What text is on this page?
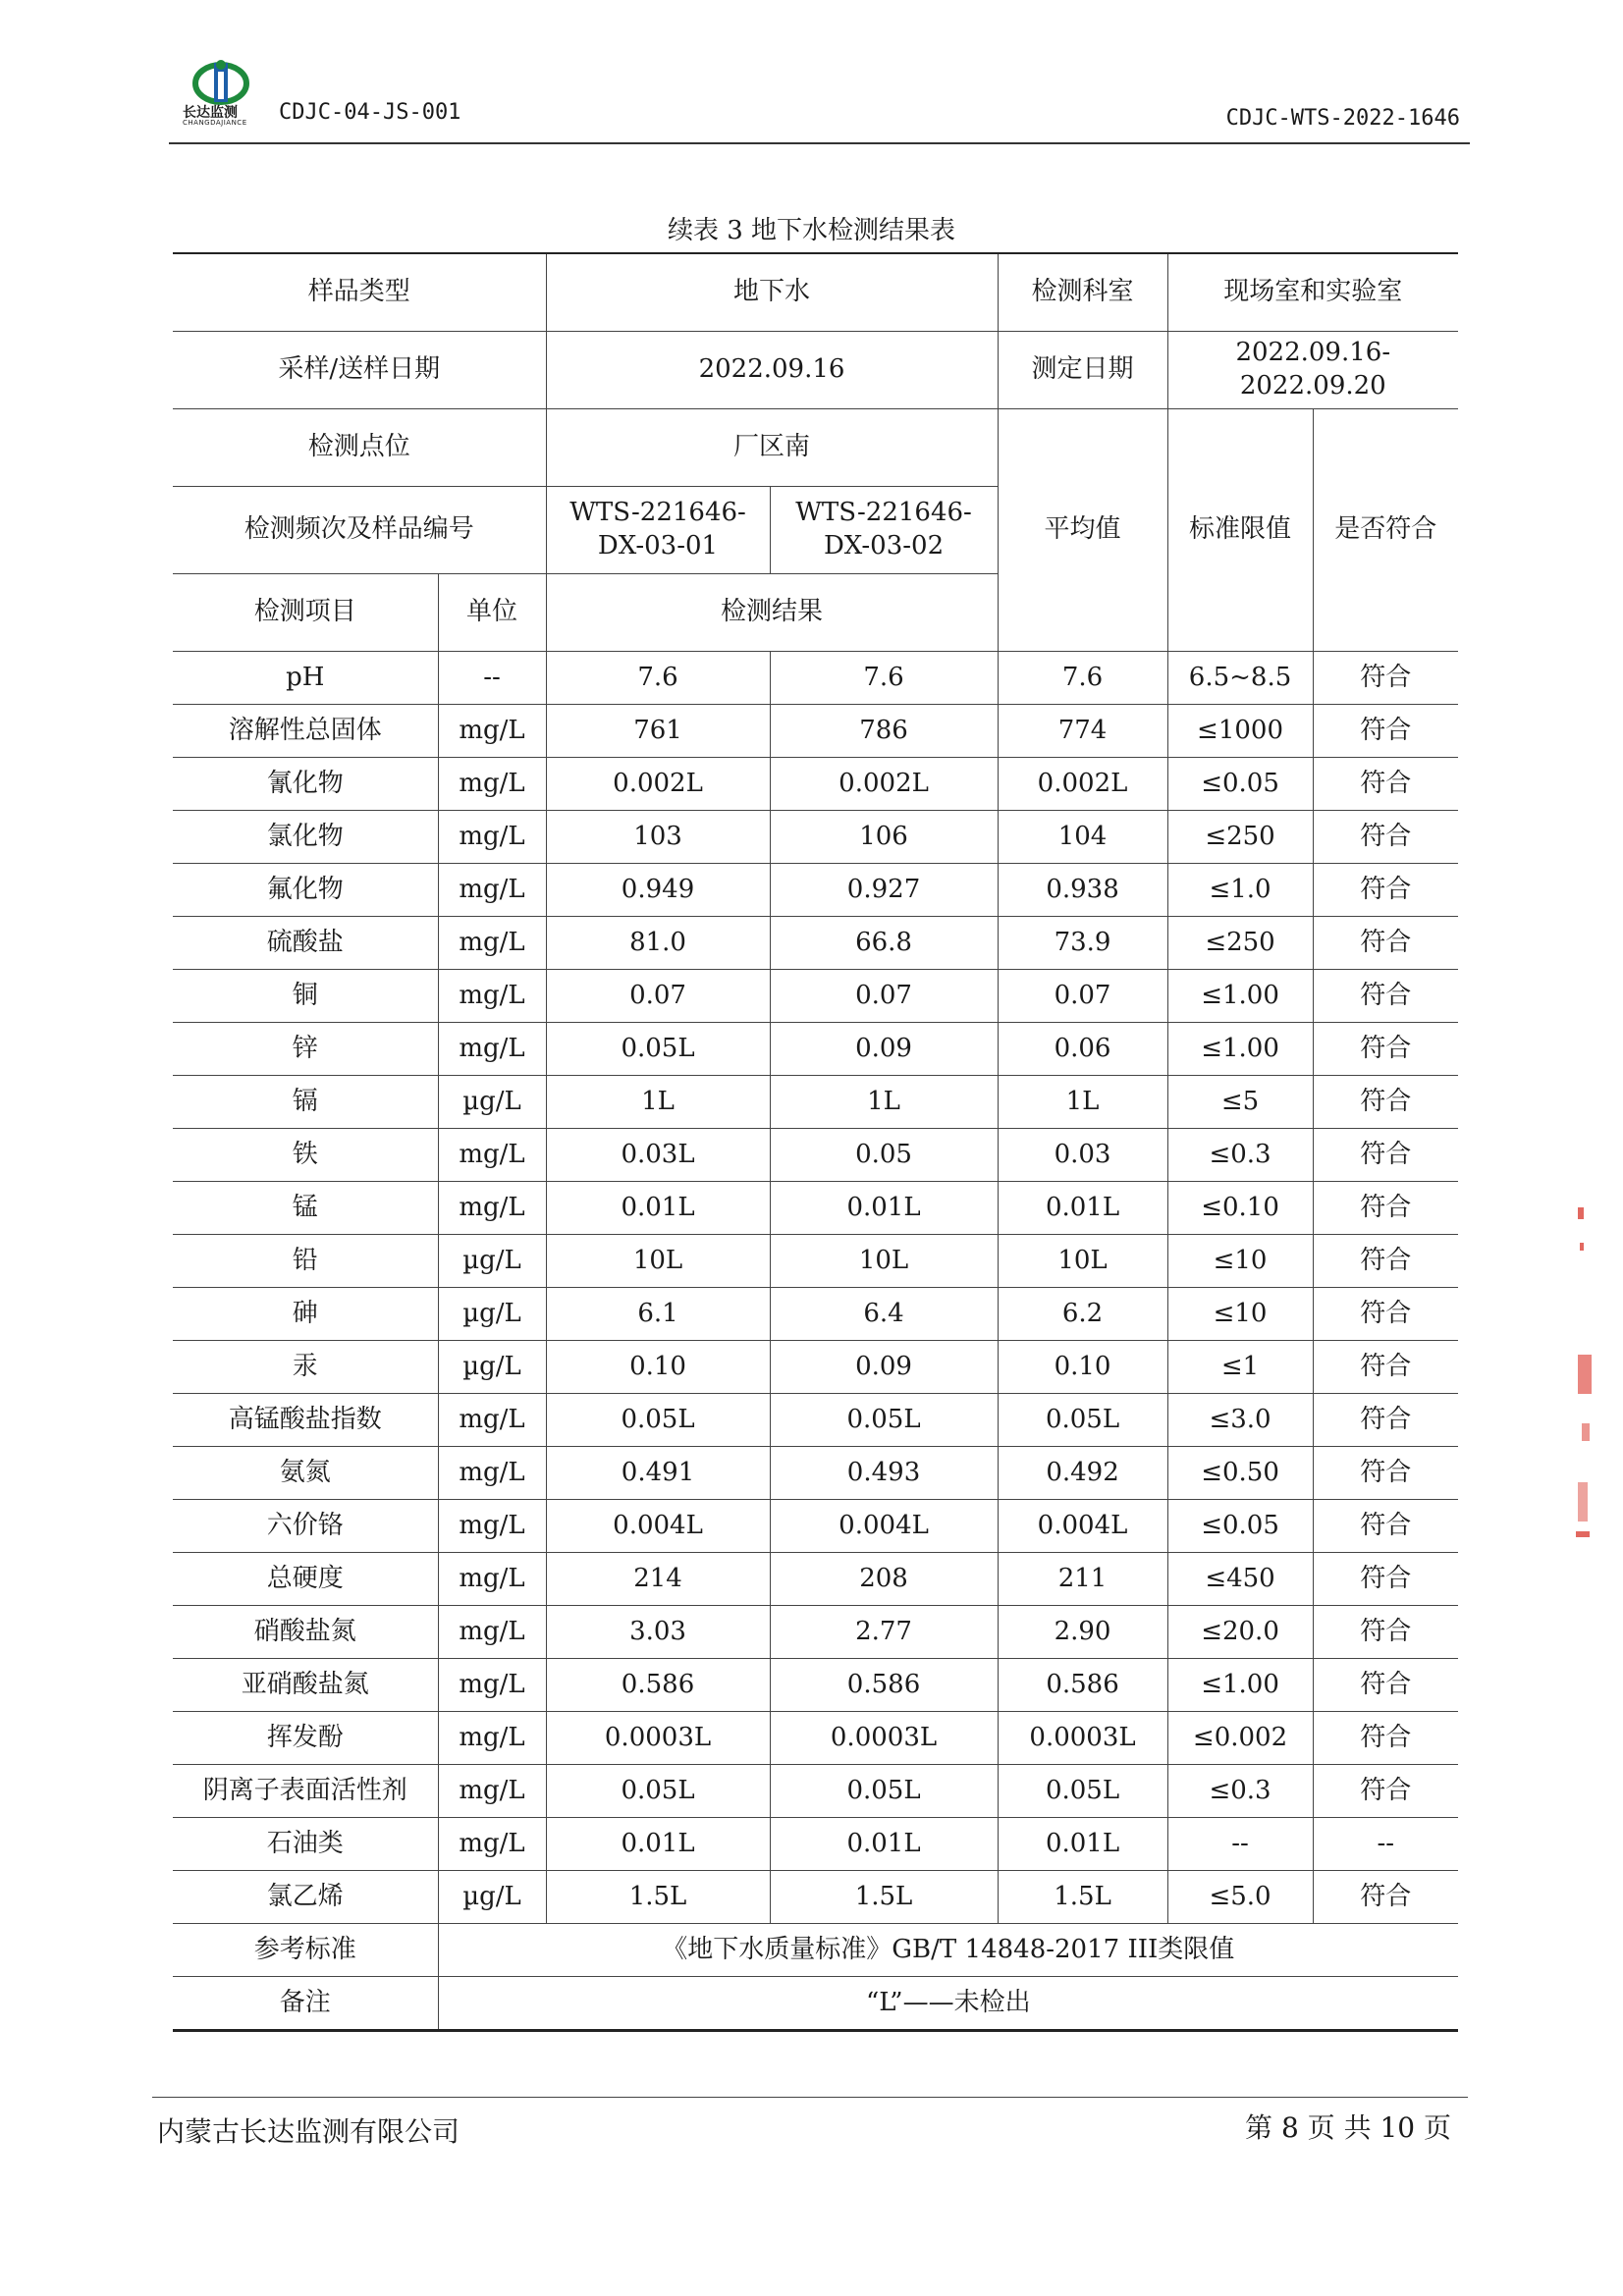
长达监测
CHANGDAJIANCE CDJC-04-JS-001	CDJC-WTS-2022-1646
续表 3 地下水检测结果表
样品类型		地下水		检测科室	现场室和实验室	
采样/送样日期		2022.09.16		测定日期	2022.09.16-2022.09.20	
检测点位		厂区南		平均值	标准限值	是否符合
检测频次及样品编号		WTS-221646-DX-03-01	WTS-221646-DX-03-02			
检测项目	单位	检测结果				
pH	--	7.6	7.6	7.6	6.5~8.5	符合
溶解性总固体	mg/L	761	786	774	≤1000	符合
氰化物	mg/L	0.002L	0.002L	0.002L	≤0.05	符合
氯化物	mg/L	103	106	104	≤250	符合
氟化物	mg/L	0.949	0.927	0.938	≤1.0	符合
硫酸盐	mg/L	81.0	66.8	73.9	≤250	符合
铜	mg/L	0.07	0.07	0.07	≤1.00	符合
锌	mg/L	0.05L	0.09	0.06	≤1.00	符合
镉	µg/L	1L	1L	1L	≤5	符合
铁	mg/L	0.03L	0.05	0.03	≤0.3	符合
锰	mg/L	0.01L	0.01L	0.01L	≤0.10	符合
铅	µg/L	10L	10L	10L	≤10	符合
砷	µg/L	6.1	6.4	6.2	≤10	符合
汞	µg/L	0.10	0.09	0.10	≤1	符合
高锰酸盐指数	mg/L	0.05L	0.05L	0.05L	≤3.0	符合
氨氮	mg/L	0.491	0.493	0.492	≤0.50	符合
六价铬	mg/L	0.004L	0.004L	0.004L	≤0.05	符合
总硬度	mg/L	214	208	211	≤450	符合
硝酸盐氮	mg/L	3.03	2.77	2.90	≤20.0	符合
亚硝酸盐氮	mg/L	0.586	0.586	0.586	≤1.00	符合
挥发酚	mg/L	0.0003L	0.0003L	0.0003L	≤0.002	符合
阴离子表面活性剂	mg/L	0.05L	0.05L	0.05L	≤0.3	符合
石油类	mg/L	0.01L	0.01L	0.01L	--	--
氯乙烯	µg/L	1.5L	1.5L	1.5L	≤5.0	符合
参考标准	《地下水质量标准》GB/T 14848-2017 III类限值					
备注	“L”——未检出					
内蒙古长达监测有限公司	第 8 页 共 10 页
